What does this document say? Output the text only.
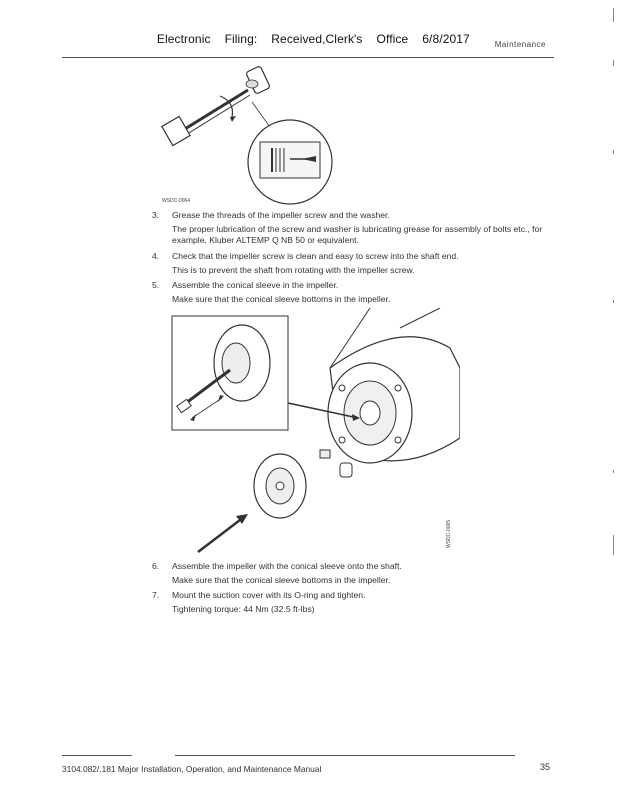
Electronic Filing: Received,Clerk's Office 6/8/2017	Maintenance
WSDC-0064
3. Grease the threads of the impeller screw and the washer.
The proper lubrication of the screw and washer is lubricating grease for assembly of bolts etc., for example, Kluber ALTEMP Q NB 50 or equivalent.
4. Check that the impeller screw is clean and easy to screw into the shaft end.
This is to prevent the shaft from rotating with the impeller screw.
5. Assemble the conical sleeve in the impeller.
Make sure that the conical sleeve bottoms in the impeller.
WSDC-0065
6. Assemble the impeller with the conical sleeve onto the shaft.
Make sure that the conical sleeve bottoms in the impeller.
7. Mount the suction cover with its O-ring and tighten.
Tightening torque: 44 Nm (32.5 ft-lbs)
3104.082/.181 Major Installation, Operation, and Maintenance Manual	35
